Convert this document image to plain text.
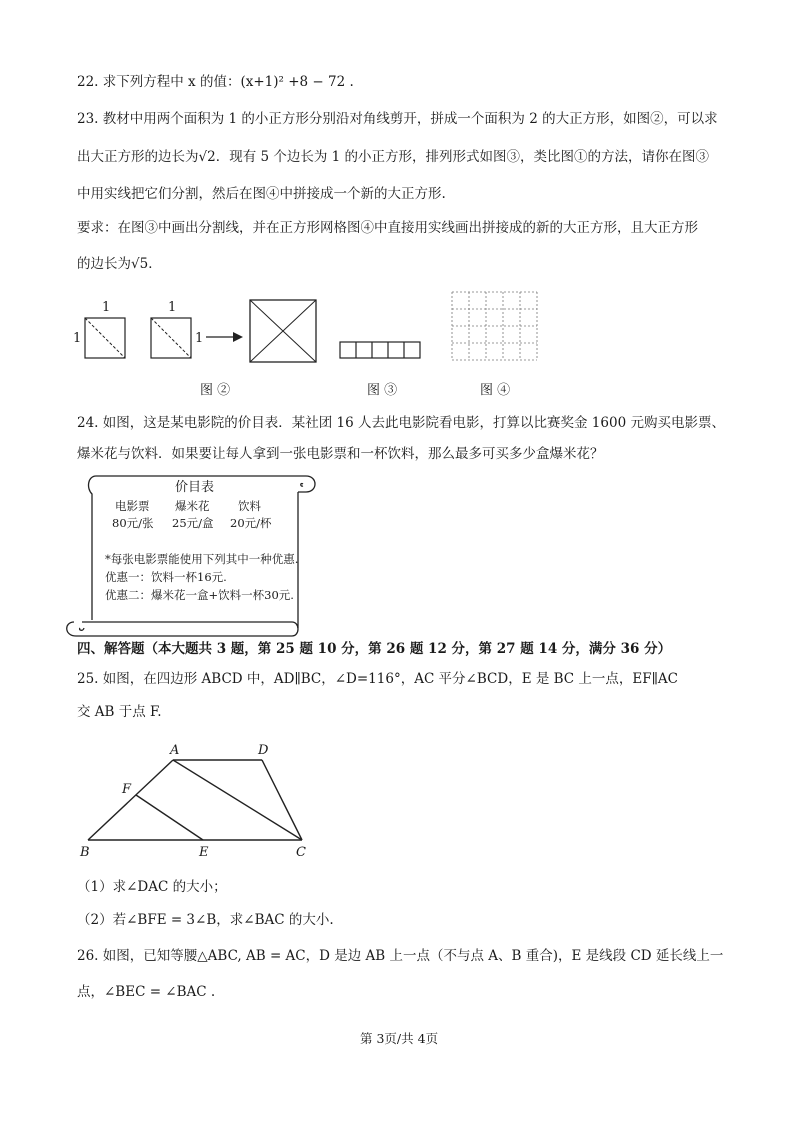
22. 求下列方程中 x 的值：(x+1)² +8 − 72 .
23. 教材中用两个面积为 1 的小正方形分别沿对角线剪开，拼成一个面积为 2 的大正方形，如图②，可以求
出大正方形的边长为√2．现有 5 个边长为 1 的小正方形，排列形式如图③，类比图①的方法，请你在图③
中用实线把它们分割，然后在图④中拼接成一个新的大正方形.
要求：在图③中画出分割线，并在正方形网格图④中直接用实线画出拼接成的新的大正方形，且大正方形
的边长为√5．
1
1
1
1
图 ②	图 ③	图 ④
24. 如图，这是某电影院的价目表．某社团 16 人去此电影院看电影，打算以比赛奖金 1600 元购买电影票、
爆米花与饮料．如果要让每人拿到一张电影票和一杯饮料，那么最多可买多少盒爆米花？
价目表
电影票
80元/张
爆米花
25元/盒
饮料
20元/杯
*每张电影票能使用下列其中一种优惠.
优惠一：饮料一杯16元.
优惠二：爆米花一盒+饮料一杯30元.
四、解答题（本大题共 3 题，第 25 题 10 分，第 26 题 12 分，第 27 题 14 分，满分 36 分）
25. 如图，在四边形 ABCD 中，AD∥BC，∠D=116°，AC 平分∠BCD，E 是 BC 上一点，EF∥AC
交 AB 于点 F.
A	D
F
B	E	C
（1）求∠DAC 的大小；
（2）若∠BFE = 3∠B，求∠BAC 的大小.
26. 如图，已知等腰△ABC, AB = AC，D 是边 AB 上一点（不与点 A、B 重合)，E 是线段 CD 延长线上一
点，∠BEC = ∠BAC .
第 3页/共 4页
